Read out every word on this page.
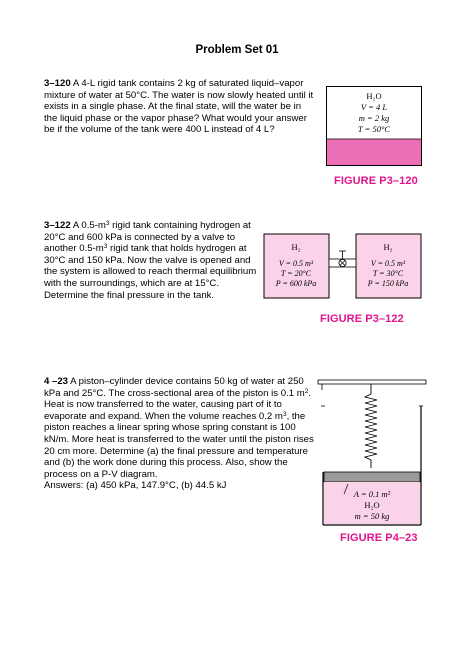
Problem Set 01
3–120 A 4-L rigid tank contains 2 kg of saturated liquid–vapor
mixture of water at 50°C. The water is now slowly heated until it
exists in a single phase. At the final state, will the water be in
the liquid phase or the vapor phase? What would your answer
be if the volume of the tank were 400 L instead of 4 L?
H₂O
V = 4 L
m = 2 kg
T = 50°C
FIGURE P3–120
3–122 A $0.5-m^3$ rigid tank containing hydrogen at
20°C and 600 kPa is connected by a valve to
another $0.5-m^3$ rigid tank that holds hydrogen at
30°C and 150 kPa. Now the valve is opened and
the system is allowed to reach thermal equilibrium
with the surroundings, which are at 15°C.
Determine the final pressure in the tank.
H₂
V = 0.5 m³
T = 20°C
P = 600 kPa
H₂
V = 0.5 m³
T = 30°C
P = 150 kPa
FIGURE P3–122
4 –23 A piston–cylinder device contains 50 kg of water at 250
kPa and 25°C. The cross-sectional area of the piston is 0.1 $m^2$.
Heat is now transferred to the water, causing part of it to
evaporate and expand. When the volume reaches 0.2 $m^3$, the
piston reaches a linear spring whose spring constant is 100
kN/m. More heat is transferred to the water until the piston rises
20 cm more. Determine (a) the final pressure and temperature
and (b) the work done during this process. Also, show the
process on a P-V diagram.
Answers: (a) 450 kPa, 147.9°C, (b) 44.5 kJ
A = 0.1 m²
H₂O
m = 50 kg
FIGURE P4–23
